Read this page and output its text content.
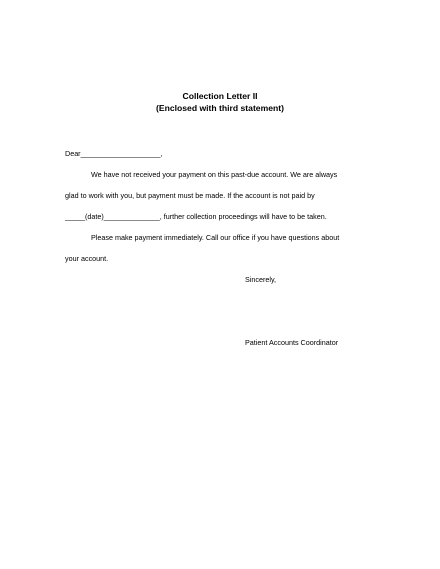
Collection Letter II
(Enclosed with third statement)
Dear____________________,
We have not received your payment on this past-due account. We are always
glad to work with you, but payment must be made. If the account is not paid by
_____(date)______________, further collection proceedings will have to be taken.
Please make payment immediately. Call our office if you have questions about
your account.
Sincerely,
Patient Accounts Coordinator
